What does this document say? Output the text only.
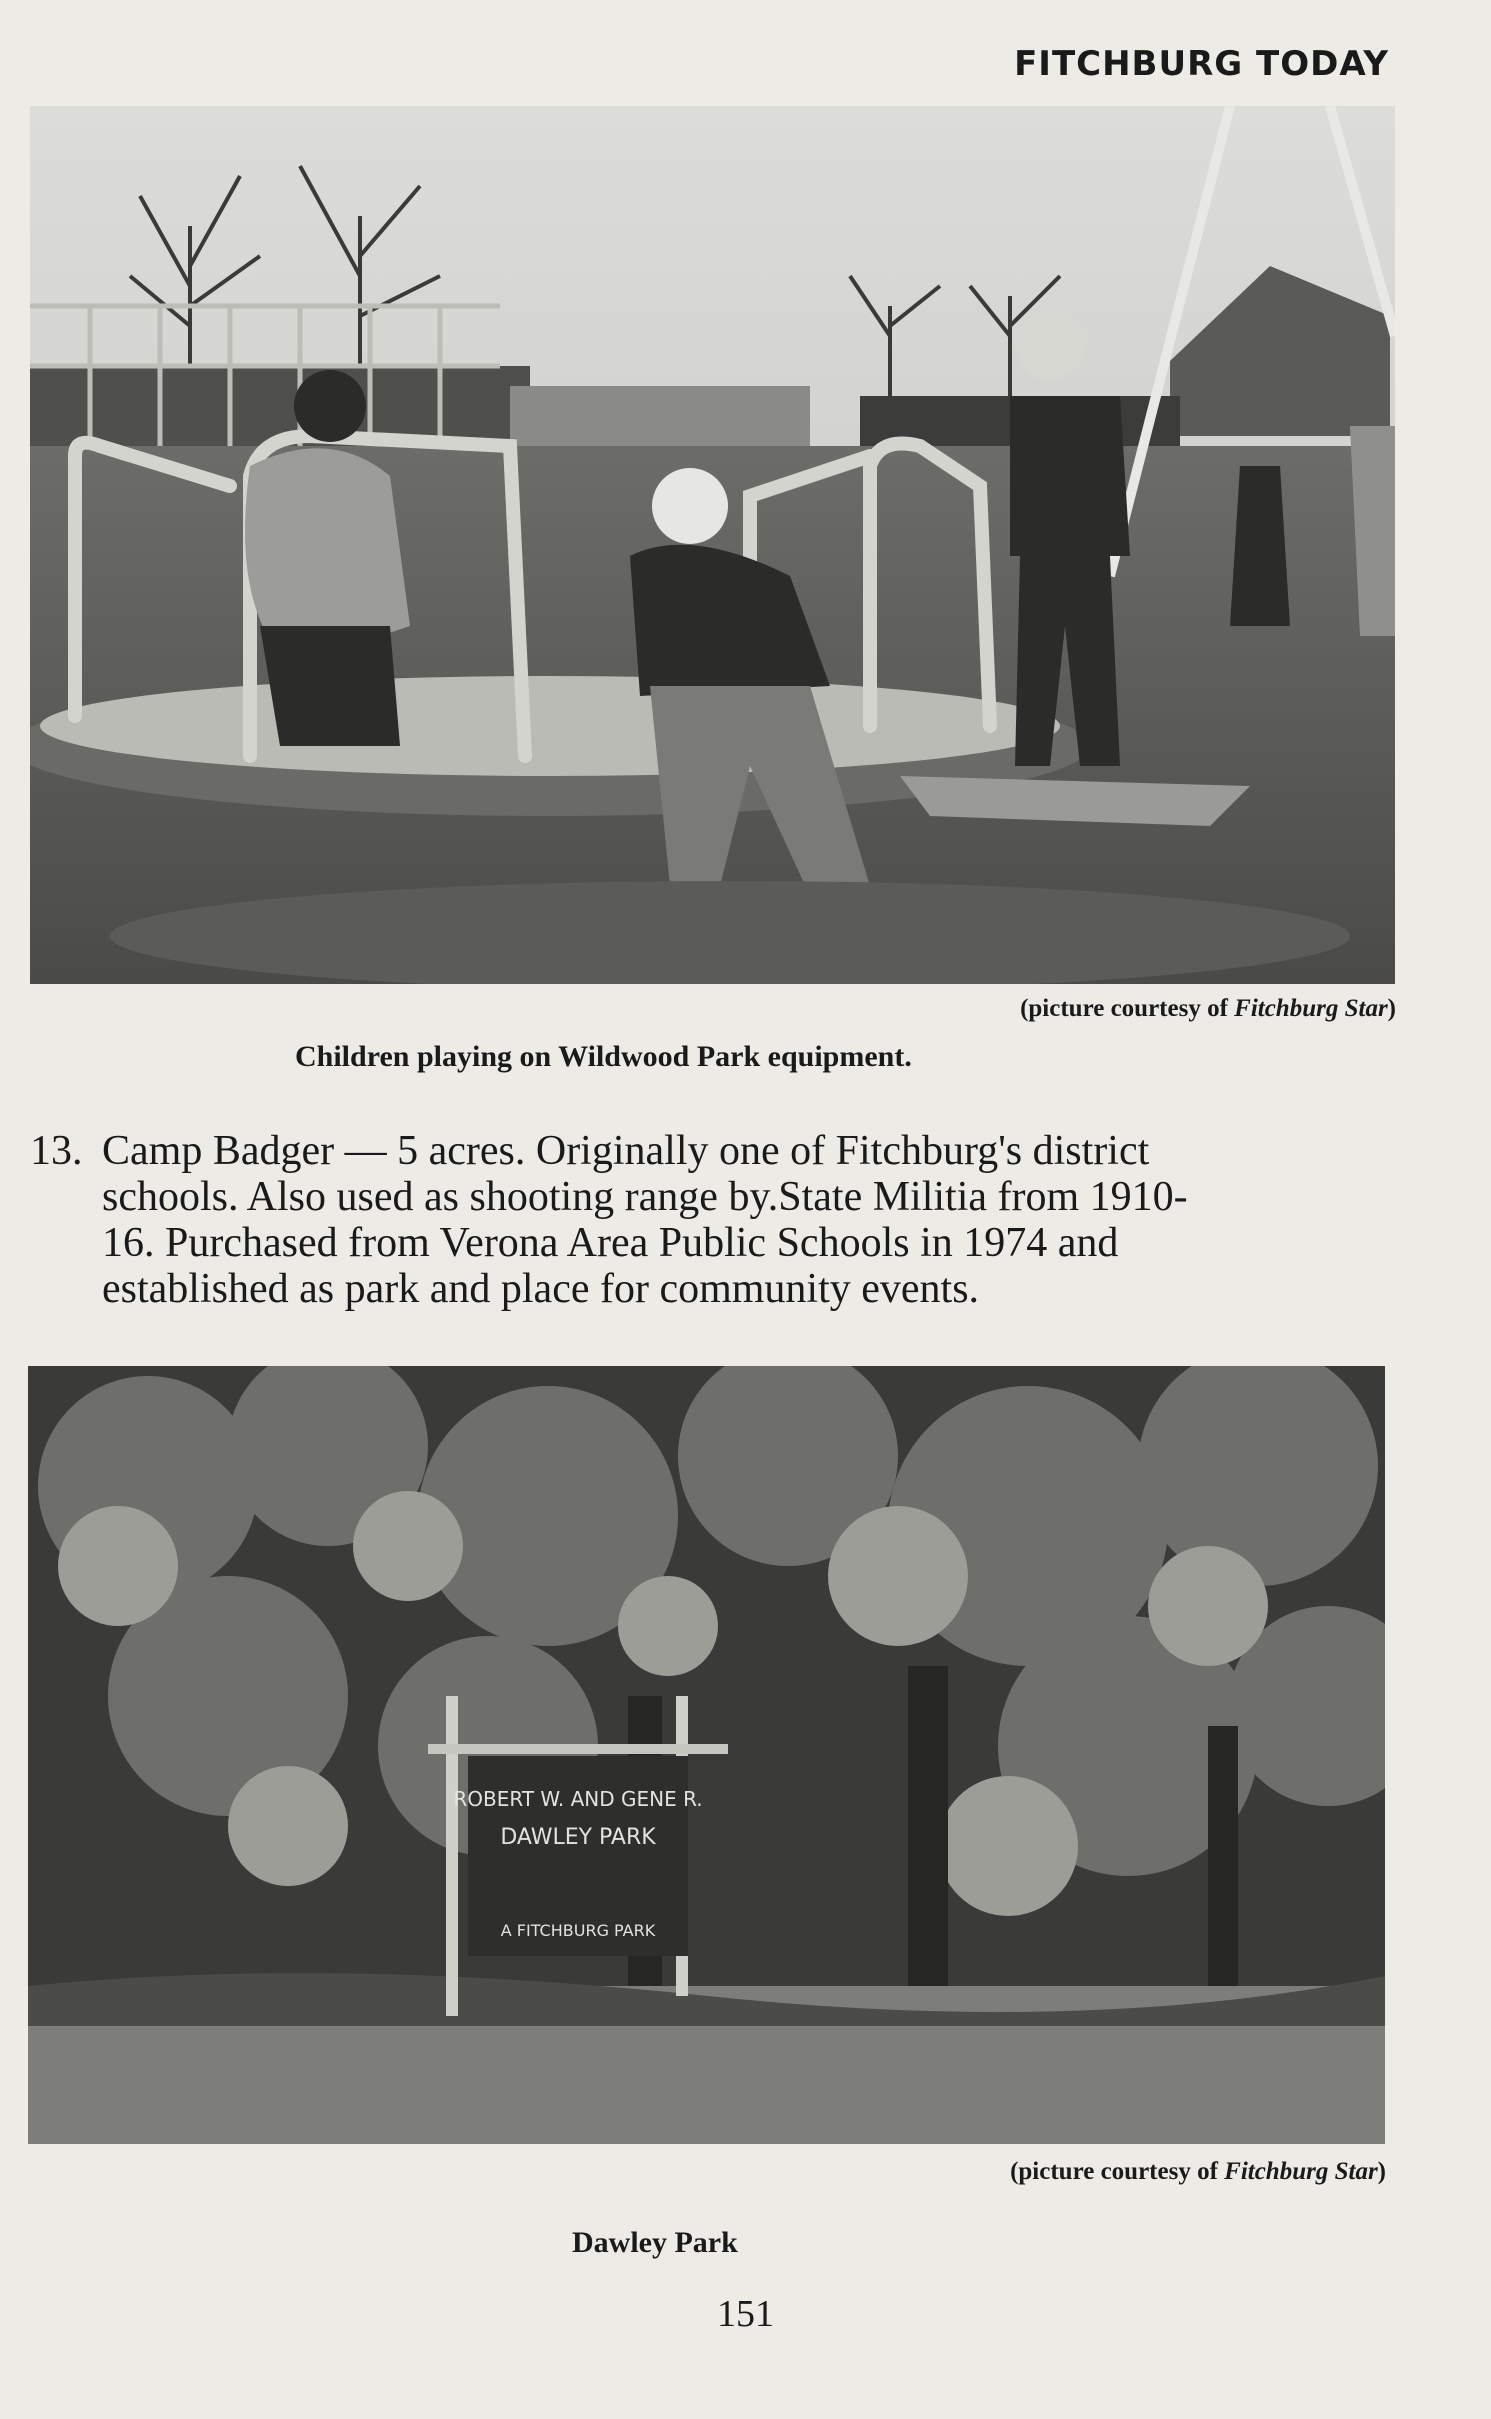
FITCHBURG TODAY
(picture courtesy of Fitchburg Star)
Children playing on Wildwood Park equipment.
13. Camp Badger — 5 acres. Originally one of Fitchburg's district
schools. Also used as shooting range by.State Militia from 1910-
16. Purchased from Verona Area Public Schools in 1974 and
established as park and place for community events.
ROBERT W. AND GENE R.
DAWLEY PARK
A FITCHBURG PARK
(picture courtesy of Fitchburg Star)
Dawley Park
151
